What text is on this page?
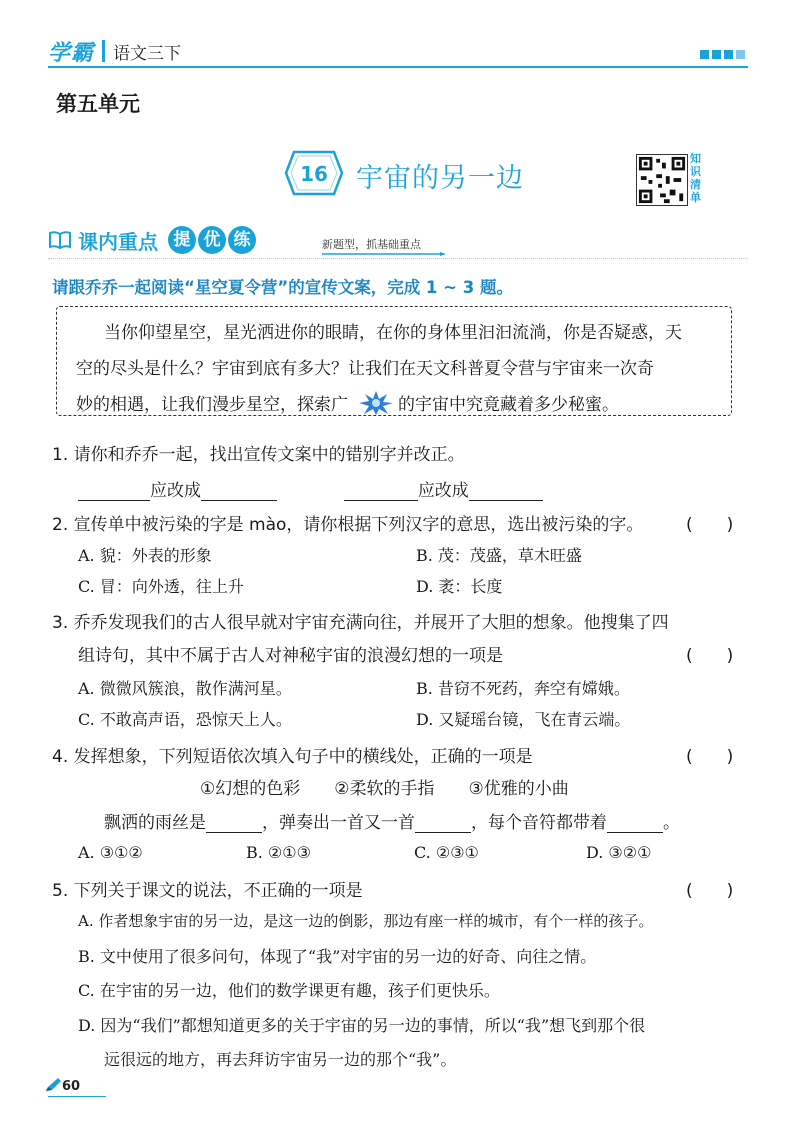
学霸 语文三下
第五单元
16 宇宙的另一边
知识清单
课内重点 提 优 练	新题型，抓基础重点
请跟乔乔一起阅读“星空夏令营”的宣传文案，完成 1 ~ 3 题。
当你仰望星空，星光洒进你的眼睛，在你的身体里汩汩流淌，你是否疑惑，天
空的尽头是什么？宇宙到底有多大？让我们在天文科普夏令营与宇宙来一次奇
妙的相遇，让我们漫步星空，探索广	的宇宙中究竟藏着多少秘蜜。
1. 请你和乔乔一起，找出宣传文案中的错别字并改正。
应改成	应改成
2. 宣传单中被污染的字是 mào，请你根据下列汉字的意思，选出被污染的字。	(　　)
A. 貌：外表的形象	B. 茂：茂盛，草木旺盛
C. 冒：向外透，往上升	D. 袤：长度
3. 乔乔发现我们的古人很早就对宇宙充满向往，并展开了大胆的想象。他搜集了四
组诗句，其中不属于古人对神秘宇宙的浪漫幻想的一项是	(　　)
A. 微微风簇浪，散作满河星。	B. 昔窃不死药，奔空有嫦娥。
C. 不敢高声语，恐惊天上人。	D. 又疑瑶台镜，飞在青云端。
4. 发挥想象，下列短语依次填入句子中的横线处，正确的一项是	(　　)
①幻想的色彩　　②柔软的手指　　③优雅的小曲
飘洒的雨丝是	，弹奏出一首又一首	，每个音符都带着	。
A. ③①②	B. ②①③	C. ②③①	D. ③②①
5. 下列关于课文的说法，不正确的一项是	(　　)
A. 作者想象宇宙的另一边，是这一边的倒影，那边有座一样的城市，有个一样的孩子。
B. 文中使用了很多问句，体现了“我”对宇宙的另一边的好奇、向往之情。
C. 在宇宙的另一边，他们的数学课更有趣，孩子们更快乐。
D. 因为“我们”都想知道更多的关于宇宙的另一边的事情，所以“我”想飞到那个很
远很远的地方，再去拜访宇宙另一边的那个“我”。
60
